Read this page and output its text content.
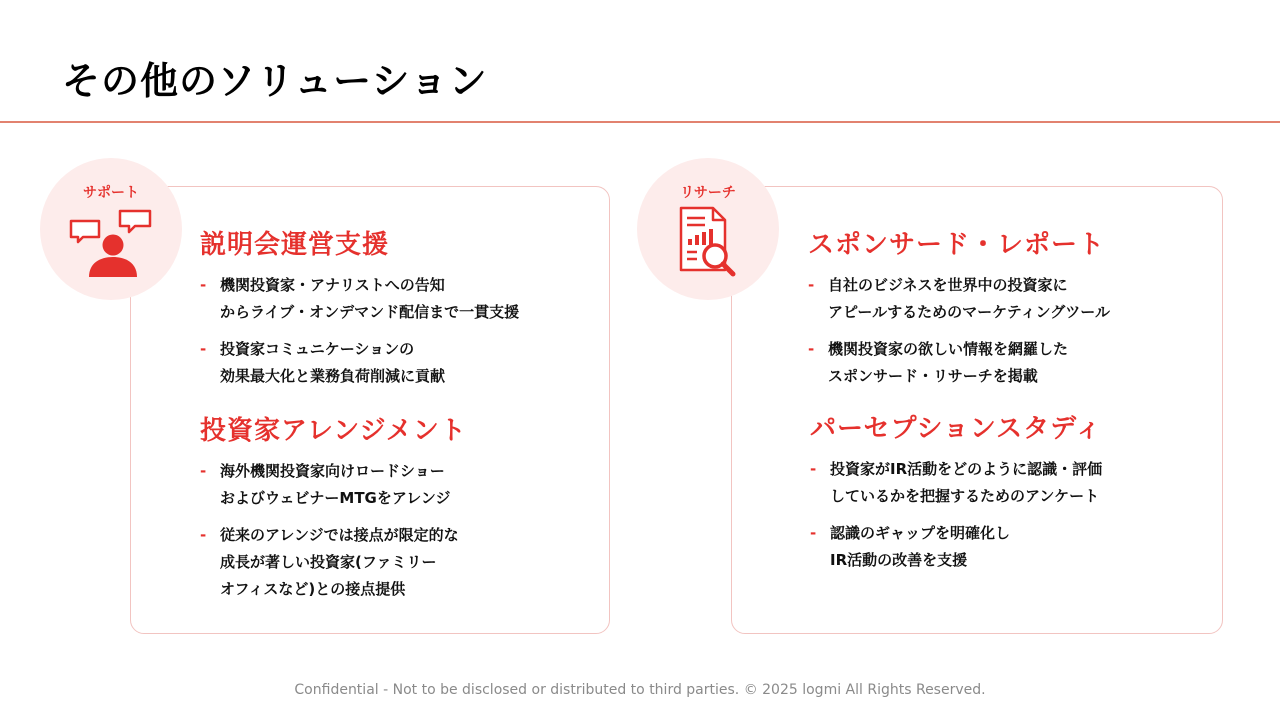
その他のソリューション
サポート
説明会運営支援
- 機関投資家・アナリストへの告知
からライブ・オンデマンド配信まで一貫支援
- 投資家コミュニケーションの
効果最大化と業務負荷削減に貢献
投資家アレンジメント
- 海外機関投資家向けロードショー
およびウェビナーMTGをアレンジ
- 従来のアレンジでは接点が限定的な
成長が著しい投資家(ファミリー
オフィスなど)との接点提供
リサーチ
スポンサード・レポート
- 自社のビジネスを世界中の投資家に
アピールするためのマーケティングツール
- 機関投資家の欲しい情報を網羅した
スポンサード・リサーチを掲載
パーセプションスタディ
- 投資家がIR活動をどのように認識・評価
しているかを把握するためのアンケート
- 認識のギャップを明確化し
IR活動の改善を支援
Confidential - Not to be disclosed or distributed to third parties. © 2025 logmi All Rights Reserved.
